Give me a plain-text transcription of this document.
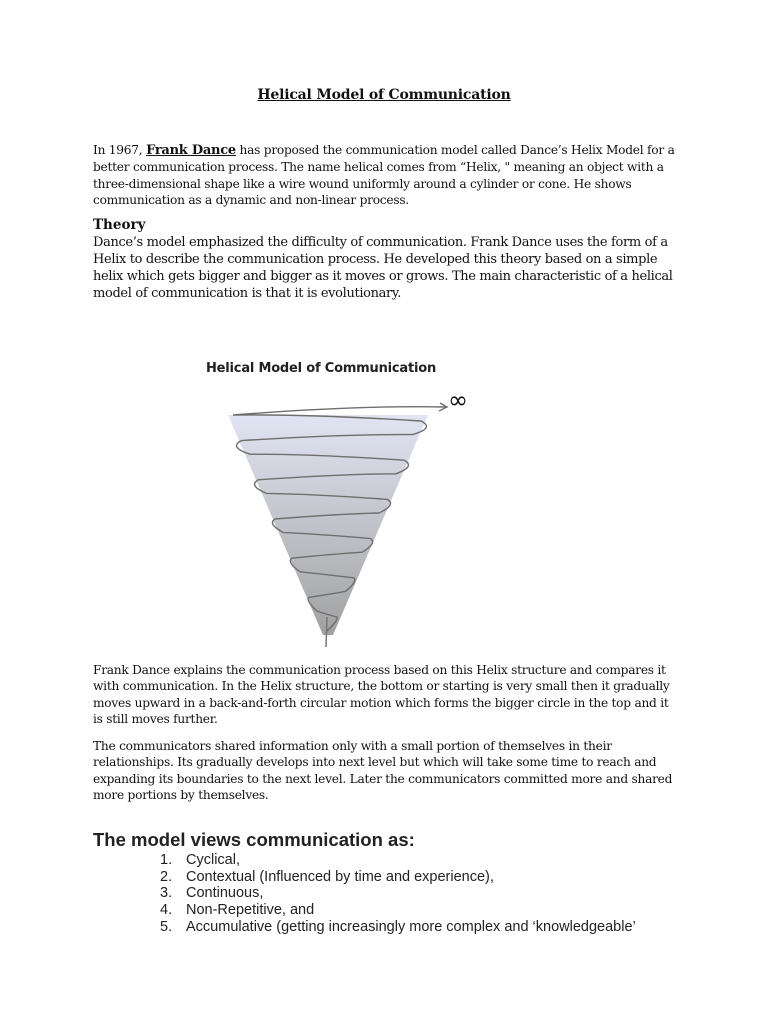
Helical Model of Communication
In 1967, Frank Dance has proposed the communication model called Dance’s Helix Model for a better communication process. The name helical comes from “Helix, " meaning an object with a three-dimensional shape like a wire wound uniformly around a cylinder or cone. He shows communication as a dynamic and non-linear process.
Theory
Dance’s model emphasized the difficulty of communication. Frank Dance uses the form of a Helix to describe the communication process. He developed this theory based on a simple helix which gets bigger and bigger as it moves or grows. The main characteristic of a helical model of communication is that it is evolutionary.
∞
Helical Model of Communication
Frank Dance explains the communication process based on this Helix structure and compares it with communication. In the Helix structure, the bottom or starting is very small then it gradually moves upward in a back-and-forth circular motion which forms the bigger circle in the top and it is still moves further.
The communicators shared information only with a small portion of themselves in their relationships. Its gradually develops into next level but which will take some time to reach and expanding its boundaries to the next level. Later the communicators committed more and shared more portions by themselves.
The model views communication as:
1. Cyclical,
2. Contextual (Influenced by time and experience),
3. Continuous,
4. Non-Repetitive, and
5. Accumulative (getting increasingly more complex and ‘knowledgeable’
